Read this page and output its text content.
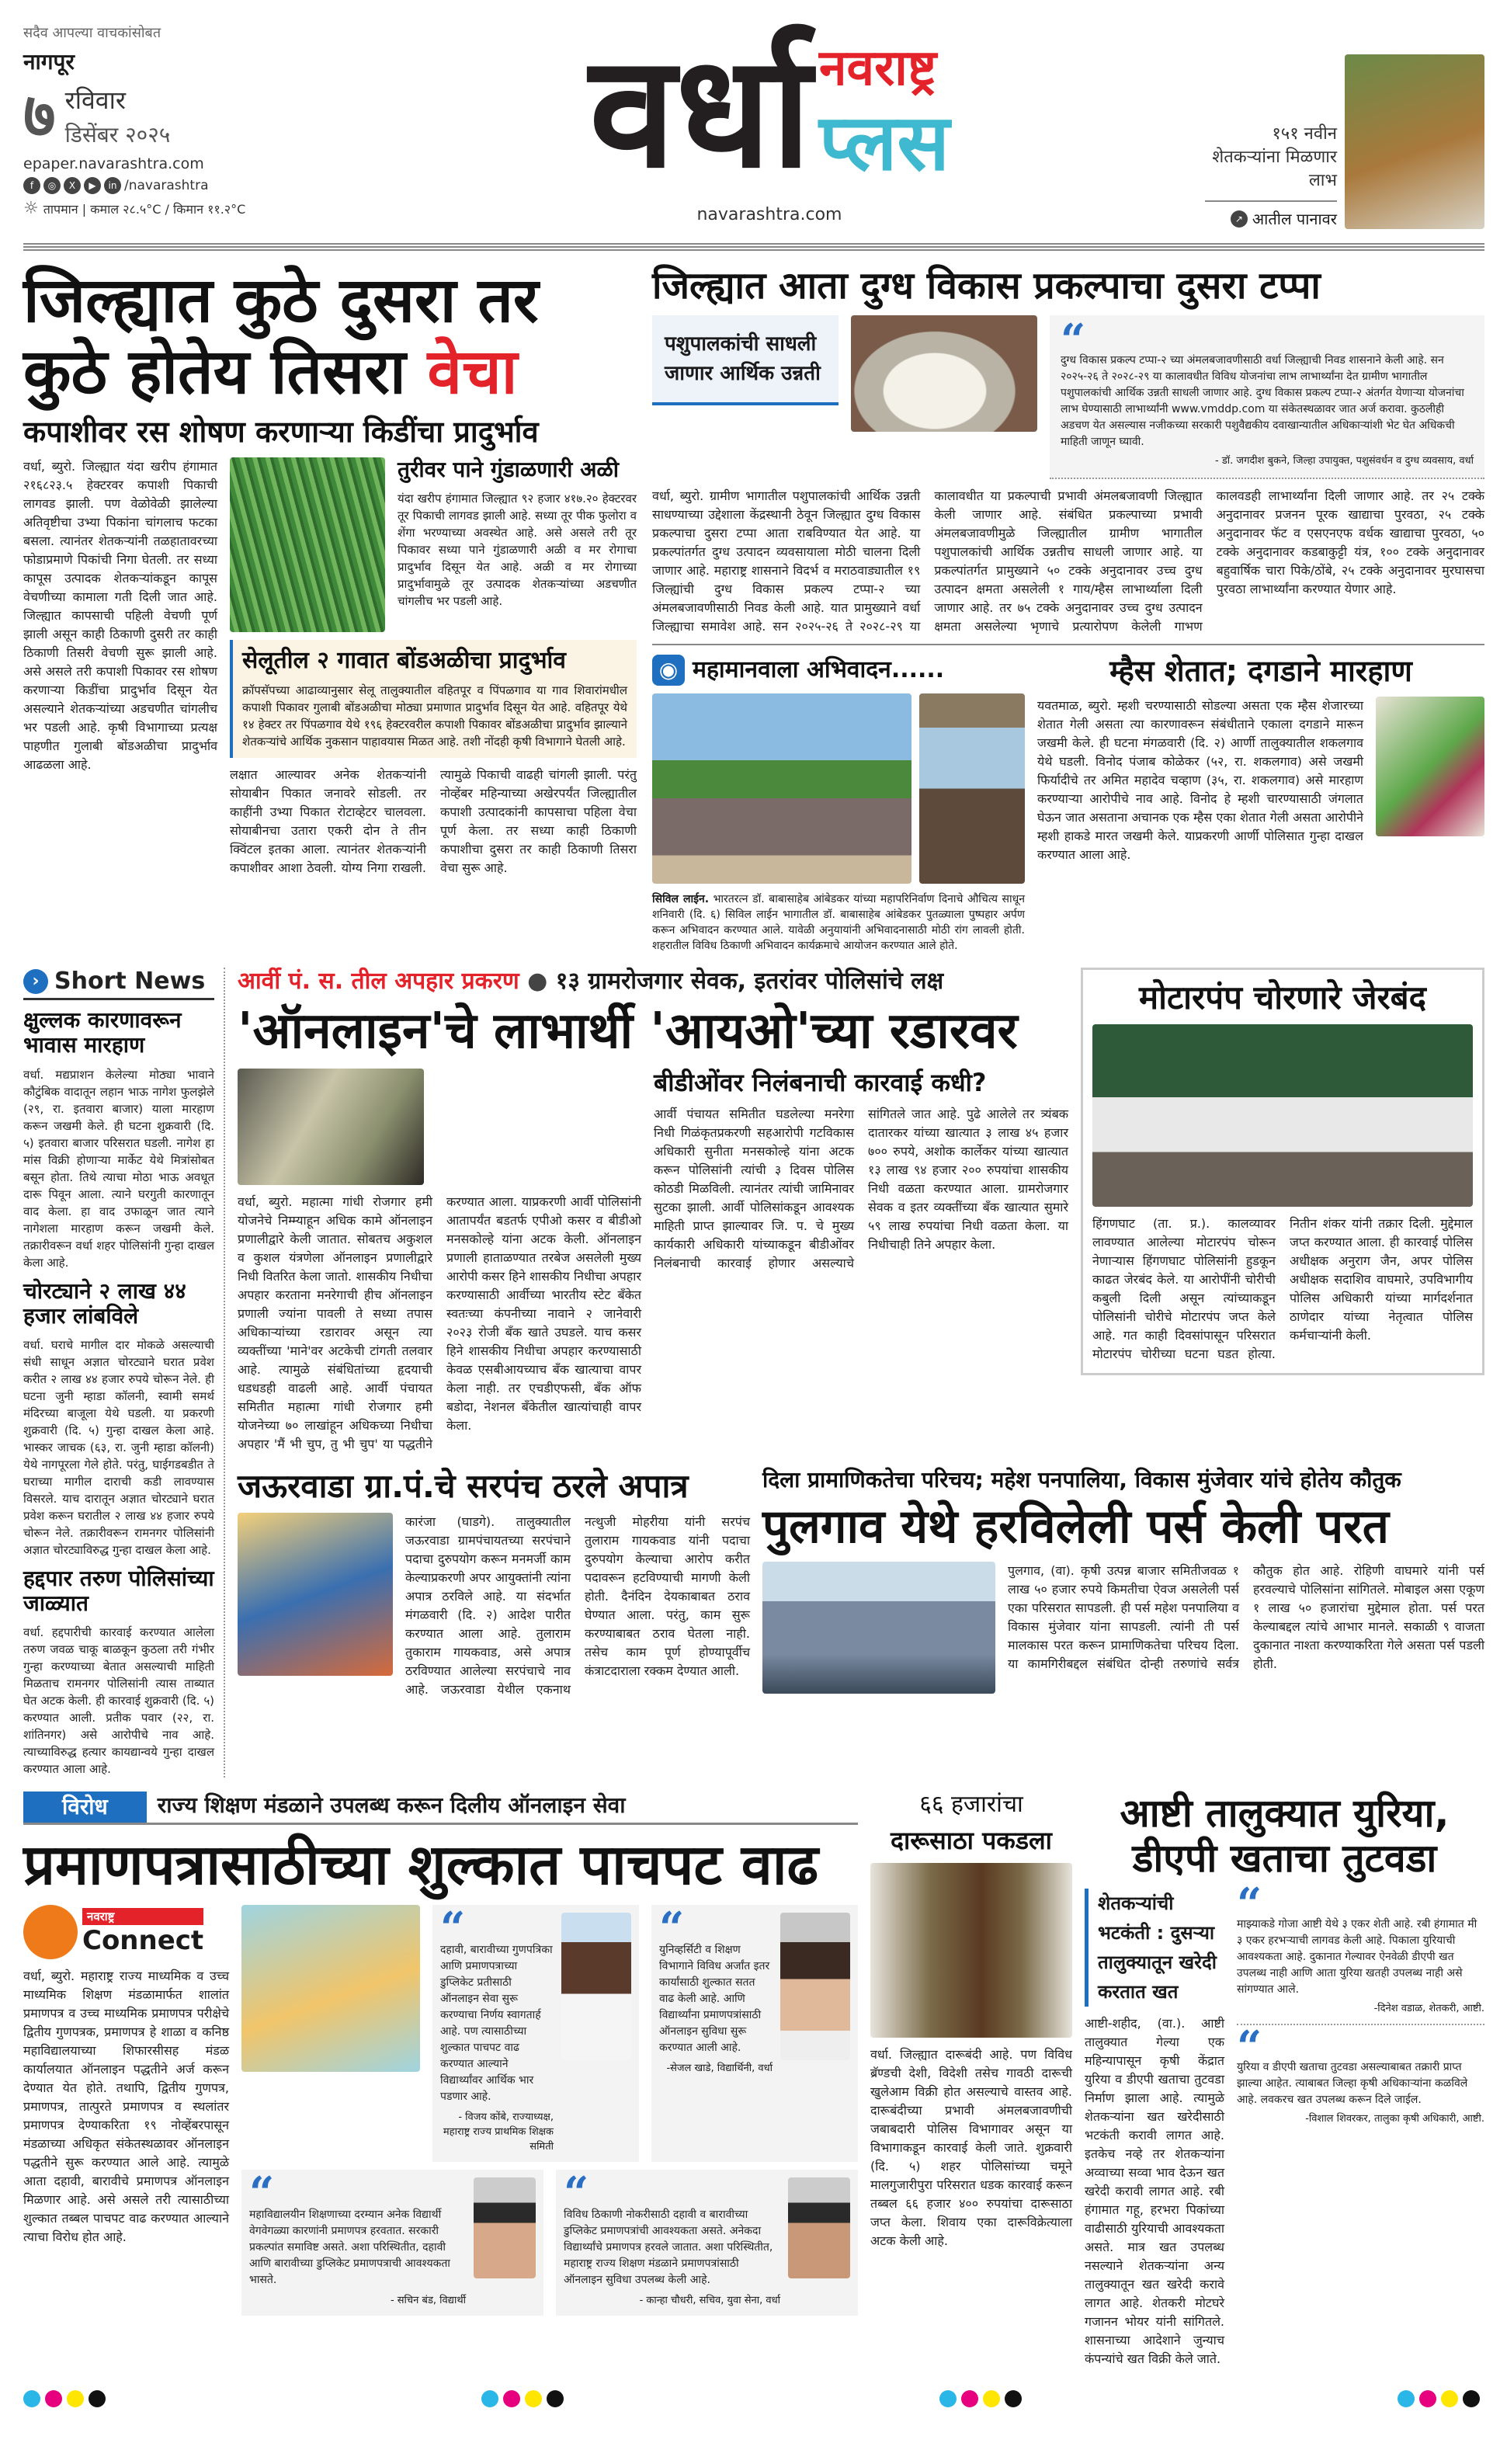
सदैव आपल्या वाचकांसोबत
नागपूर
७ रविवार
डिसेंबर २०२५
epaper.navarashtra.com
f	◎	X	▶	in /navarashtra
☼ तापमान | कमाल २८.५°C / किमान ११.२°C
वर्धा नवराष्ट्र
प्लस
navarashtra.com
१५१ नवीन शेतकऱ्यांना मिळणार लाभ
↗ आतील पानावर
जिल्ह्यात कुठे दुसरा तर
कुठे होतेय तिसरा वेचा
कपाशीवर रस शोषण करणाऱ्या किडींचा प्रादुर्भाव
वर्धा, ब्युरो. जिल्ह्यात यंदा खरीप हंगामात २१६८२३.५ हेक्टरवर कपाशी पिकाची लागवड झाली. पण वेळोवेळी झालेल्या अतिवृष्टीचा उभ्या पिकांना चांगलाच फटका बसला. त्यानंतर शेतकऱ्यांनी तळहातावरच्या फोडाप्रमाणे पिकांची निगा घेतली. तर सध्या कापूस उत्पादक शेतकऱ्यांकडून कापूस वेचणीच्या कामाला गती दिली जात आहे. जिल्ह्यात कापसाची पहिली वेचणी पूर्ण झाली असून काही ठिकाणी दुसरी तर काही ठिकाणी तिसरी वेचणी सुरू झाली आहे. असे असले तरी कपाशी पिकावर रस शोषण करणाऱ्या किडींचा प्रादुर्भाव दिसून येत असल्याने शेतकऱ्यांच्या अडचणीत चांगलीच भर पडली आहे. कृषी विभागाच्या प्रत्यक्ष पाहणीत गुलाबी बोंडअळीचा प्रादुर्भाव आढळला आहे.
तुरीवर पाने गुंडाळणारी अळी
यंदा खरीप हंगामात जिल्ह्यात ९२ हजार ४१७.२० हेक्टरवर तूर पिकाची लागवड झाली आहे. सध्या तूर पीक फुलोरा व शेंगा भरण्याच्या अवस्थेत आहे. असे असले तरी तूर पिकावर सध्या पाने गुंडाळणारी अळी व मर रोगाचा प्रादुर्भाव दिसून येत आहे. अळी व मर रोगाच्या प्रादुर्भावामुळे तूर उत्पादक शेतकऱ्यांच्या अडचणीत चांगलीच भर पडली आहे.
सेलूतील २ गावात बोंडअळीचा प्रादुर्भाव
क्रॉपसॅपच्या आढाव्यानुसार सेलू तालुक्यातील वहितपूर व पिंपळगाव या गाव शिवारांमधील कपाशी पिकावर गुलाबी बोंडअळीचा मोठ्या प्रमाणात प्रादुर्भाव दिसून येत आहे. वहितपूर येथे १४ हेक्टर तर पिंपळगाव येथे १९६ हेक्टरवरील कपाशी पिकावर बोंडअळीचा प्रादुर्भाव झाल्याने शेतकऱ्यांचे आर्थिक नुकसान पाहावयास मिळत आहे. तशी नोंदही कृषी विभागाने घेतली आहे.
लक्षात आल्यावर अनेक शेतकऱ्यांनी सोयाबीन पिकात जनावरे सोडली. तर काहींनी उभ्या पिकात रोटाव्हेटर चालवला. सोयाबीनचा उतारा एकरी दोन ते तीन क्विंटल इतका आला. त्यानंतर शेतकऱ्यांनी कपाशीवर आशा ठेवली. योग्य निगा राखली. त्यामुळे पिकाची वाढही चांगली झाली. परंतु नोव्हेंबर महिन्याच्या अखेरपर्यंत जिल्ह्यातील कपाशी उत्पादकांनी कापसाचा पहिला वेचा पूर्ण केला. तर सध्या काही ठिकाणी कपाशीचा दुसरा तर काही ठिकाणी तिसरा वेचा सुरू आहे.
जिल्ह्यात आता दुग्ध विकास प्रकल्पाचा दुसरा टप्पा
पशुपालकांची साधली जाणार आर्थिक उन्नती
“
दुग्ध विकास प्रकल्प टप्पा-२ च्या अंमलबजावणीसाठी वर्धा जिल्ह्याची निवड शासनाने केली आहे. सन २०२५-२६ ते २०२८-२९ या कालावधीत विविध योजनांचा लाभ लाभार्थ्यांना देत ग्रामीण भागातील पशुपालकांची आर्थिक उन्नती साधली जाणार आहे. दुग्ध विकास प्रकल्प टप्पा-२ अंतर्गत येणाऱ्या योजनांचा लाभ घेण्यासाठी लाभार्थ्यांनी www.vmddp.com या संकेतस्थळावर जात अर्ज करावा. कुठलीही अडचण येत असल्यास नजीकच्या सरकारी पशुवैद्यकीय दवाखान्यातील अधिकाऱ्यांशी भेट घेत अधिकची माहिती जाणून घ्यावी.
- डॉ. जगदीश बुकने, जिल्हा उपायुक्त, पशुसंवर्धन व दुग्ध व्यवसाय, वर्धा
वर्धा, ब्युरो. ग्रामीण भागातील पशुपालकांची आर्थिक उन्नती साधण्याच्या उद्देशाला केंद्रस्थानी ठेवून जिल्ह्यात दुग्ध विकास प्रकल्पाचा दुसरा टप्पा आता राबविण्यात येत आहे. या प्रकल्पांतर्गत दुग्ध उत्पादन व्यवसायाला मोठी चालना दिली जाणार आहे. महाराष्ट्र शासनाने विदर्भ व मराठवाड्यातील १९ जिल्ह्यांची दुग्ध विकास प्रकल्प टप्पा-२ च्या अंमलबजावणीसाठी निवड केली आहे. यात प्रामुख्याने वर्धा जिल्ह्याचा समावेश आहे. सन २०२५-२६ ते २०२८-२९ या कालावधीत या प्रकल्पाची प्रभावी अंमलबजावणी जिल्ह्यात केली जाणार आहे. संबंधित प्रकल्पाच्या प्रभावी अंमलबजावणीमुळे जिल्ह्यातील ग्रामीण भागातील पशुपालकांची आर्थिक उन्नतीच साधली जाणार आहे. या प्रकल्पांतर्गत प्रामुख्याने ५० टक्के अनुदानावर उच्च दुग्ध उत्पादन क्षमता असलेली १ गाय/म्हैस लाभार्थ्याला दिली जाणार आहे. तर ७५ टक्के अनुदानावर उच्च दुग्ध उत्पादन क्षमता असलेल्या भृणाचे प्रत्यारोपण केलेली गाभण कालवडही लाभार्थ्यांना दिली जाणार आहे. तर २५ टक्के अनुदानावर प्रजनन पूरक खाद्याचा पुरवठा, २५ टक्के अनुदानावर फॅट व एसएनएफ वर्धक खाद्याचा पुरवठा, ५० टक्के अनुदानावर कडबाकुट्टी यंत्र, १०० टक्के अनुदानावर बहुवार्षिक चारा पिके/ठोंबे, २५ टक्के अनुदानावर मुरघासचा पुरवठा लाभार्थ्यांना करण्यात येणार आहे.
◉ महामानवाला अभिवादन......
सिविल लाईन. भारतरत्न डॉ. बाबासाहेब आंबेडकर यांच्या महापरिनिर्वाण दिनाचे औचित्य साधून शनिवारी (दि. ६) सिविल लाईन भागातील डॉ. बाबासाहेब आंबेडकर पुतळ्याला पुष्पहार अर्पण करून अभिवादन करण्यात आले. यावेळी अनुयायांनी अभिवादनासाठी मोठी रांग लावली होती. शहरातील विविध ठिकाणी अभिवादन कार्यक्रमाचे आयोजन करण्यात आले होते.
म्हैस शेतात; दगडाने मारहाण
यवतमाळ, ब्युरो. म्हशी चरण्यासाठी सोडल्या असता एक म्हैस शेजारच्या शेतात गेली असता त्या कारणावरून संबंधीताने एकाला दगडाने मारून जखमी केले. ही घटना मंगळवारी (दि. २) आर्णी तालुक्यातील शकलगाव येथे घडली. विनोद पंजाब कोळेकर (५२, रा. शकलगाव) असे जखमी फिर्यादीचे तर अमित महादेव चव्हाण (३५, रा. शकलगाव) असे मारहाण करण्याऱ्या आरोपीचे नाव आहे. विनोद हे म्हशी चारण्यासाठी जंगलात घेऊन जात असताना अचानक एक म्हैस एका शेतात गेली असता आरोपीने म्हशी हाकडे मारत जखमी केले. याप्रकरणी आर्णी पोलिसात गुन्हा दाखल करण्यात आला आहे.
› Short News
क्षुल्लक कारणावरून भावास मारहाण
वर्धा. मद्यप्राशन केलेल्या मोठ्या भावाने कौटुंबिक वादातून लहान भाऊ नागेश फुलझेले (२९, रा. इतवारा बाजार) याला मारहाण करून जखमी केले. ही घटना शुक्रवारी (दि. ५) इतवारा बाजार परिसरात घडली. नागेश हा मांस विक्री होणाऱ्या मार्केट येथे मित्रांसोबत बसून होता. तिथे त्याचा मोठा भाऊ अवधूत दारू पिवून आला. त्याने घरगुती कारणातून वाद केला. हा वाद उफाळून जात त्याने नागेशला मारहाण करून जखमी केले. तक्रारीवरून वर्धा शहर पोलिसांनी गुन्हा दाखल केला आहे.
चोरट्याने २ लाख ४४ हजार लांबविले
वर्धा. घराचे मागील दार मोकळे असल्याची संधी साधून अज्ञात चोरट्याने घरात प्रवेश करीत २ लाख ४४ हजार रुपये चोरून नेले. ही घटना जुनी म्हाडा कॉलनी, स्वामी समर्थ मंदिरच्या बाजूला येथे घडली. या प्रकरणी शुक्रवारी (दि. ५) गुन्हा दाखल केला आहे. भास्कर जाचक (६३, रा. जुनी म्हाडा कॉलनी) येथे नागपूरला गेले होते. परंतु, घाईगडबडीत ते घराच्या मागील दाराची कडी लावण्यास विसरले. याच दारातून अज्ञात चोरट्याने घरात प्रवेश करून घरातील २ लाख ४४ हजार रुपये चोरून नेले. तक्रारीवरून रामनगर पोलिसांनी अज्ञात चोरट्याविरुद्ध गुन्हा दाखल केला आहे.
हद्दपार तरुण पोलिसांच्या जाळ्यात
वर्धा. हद्दपारीची कारवाई करण्यात आलेला तरुण जवळ चाकू बाळकून कुठला तरी गंभीर गुन्हा करण्याच्या बेतात असल्याची माहिती मिळताच रामनगर पोलिसांनी त्यास ताब्यात घेत अटक केली. ही कारवाई शुक्रवारी (दि. ५) करण्यात आली. प्रतीक पवार (२२, रा. शांतिनगर) असे आरोपीचे नाव आहे. त्याच्याविरुद्ध हत्यार कायद्यान्वये गुन्हा दाखल करण्यात आला आहे.
आर्वी पं. स. तील अपहार प्रकरण ● १३ ग्रामरोजगार सेवक, इतरांवर पोलिसांचे लक्ष
'ऑनलाइन'चे लाभार्थी 'आयओ'च्या रडारवर
वर्धा, ब्युरो. महात्मा गांधी रोजगार हमी योजनेचे निम्म्याहून अधिक कामे ऑनलाइन प्रणालीद्वारे केली जातात. सोबतच अकुशल व कुशल यंत्रणेला ऑनलाइन प्रणालीद्वारे निधी वितरित केला जातो. शासकीय निधीचा अपहार करताना मनरेगाची हीच ऑनलाइन प्रणाली ज्यांना पावली ते सध्या तपास अधिकाऱ्यांच्या रडारावर असून त्या व्यक्तींच्या 'माने'वर अटकेची टांगती तलवार आहे. त्यामुळे संबंधितांच्या हृदयाची धडधडही वाढली आहे. आर्वी पंचायत समितीत महात्मा गांधी रोजगार हमी योजनेच्या ७० लाखांहून अधिकच्या निधीचा अपहार 'मैं भी चुप, तु भी चुप' या पद्धतीने करण्यात आला. याप्रकरणी आर्वी पोलिसांनी आतापर्यंत बडतर्फ एपीओ कसर व बीडीओ मनसकोल्हे यांना अटक केली. ऑनलाइन प्रणाली हाताळण्यात तरबेज असलेली मुख्य आरोपी कसर हिने शासकीय निधीचा अपहार करण्यासाठी आर्वीच्या भारतीय स्टेट बँकेत स्वतःच्या कंपनीच्या नावाने २ जानेवारी २०२३ रोजी बँक खाते उघडले. याच कसर हिने शासकीय निधीचा अपहार करण्यासाठी केवळ एसबीआयच्याच बँक खात्याचा वापर केला नाही. तर एचडीएफसी, बँक ऑफ बडोदा, नेशनल बँकेतील खात्यांचाही वापर केला.
बीडीओंवर निलंबनाची कारवाई कधी?
आर्वी पंचायत समितीत घडलेल्या मनरेगा निधी गिळंकृतप्रकरणी सहआरोपी गटविकास अधिकारी सुनीता मनसकोल्हे यांना अटक करून पोलिसांनी त्यांची ३ दिवस पोलिस कोठडी मिळविली. त्यानंतर त्यांची जामिनावर सुटका झाली. आर्वी पोलिसांकडून आवश्यक माहिती प्राप्त झाल्यावर जि. प. चे मुख्य कार्यकारी अधिकारी यांच्याकडून बीडीओंवर निलंबनाची कारवाई होणार असल्याचे सांगितले जात आहे. पुढे आलेले तर त्र्यंबक दातारकर यांच्या खात्यात ३ लाख ४५ हजार ७०० रुपये, अशोक कार्लेकर यांच्या खात्यात १३ लाख ९४ हजार २०० रुपयांचा शासकीय निधी वळता करण्यात आला. ग्रामरोजगार सेवक व इतर व्यक्तींच्या बँक खात्यात सुमारे ५९ लाख रुपयांचा निधी वळता केला. या निधीचाही तिने अपहार केला.
मोटारपंप चोरणारे जेरबंद
हिंगणघाट (ता. प्र.). कालव्यावर लावण्यात आलेल्या मोटारपंप चोरून नेणाऱ्यास हिंगणघाट पोलिसांनी हुडकून काढत जेरबंद केले. या आरोपींनी चोरीची कबुली दिली असून त्यांच्याकडून पोलिसांनी चोरीचे मोटारपंप जप्त केले आहे. गत काही दिवसांपासून परिसरात मोटारपंप चोरीच्या घटना घडत होत्या. नितीन शंकर यांनी तक्रार दिली. मुद्देमाल जप्त करण्यात आला. ही कारवाई पोलिस अधीक्षक अनुराग जैन, अपर पोलिस अधीक्षक सदाशिव वाघमारे, उपविभागीय पोलिस अधिकारी यांच्या मार्गदर्शनात ठाणेदार यांच्या नेतृत्वात पोलिस कर्मचाऱ्यांनी केली.
जऊरवाडा ग्रा.पं.चे सरपंच ठरले अपात्र
कारंजा (घाडगे). तालुक्यातील जऊरवाडा ग्रामपंचायतच्या सरपंचाने पदाचा दुरुपयोग करून मनमर्जी काम केल्याप्रकरणी अपर आयुक्तांनी त्यांना अपात्र ठरविले आहे. या संदर्भात मंगळवारी (दि. २) आदेश पारीत करण्यात आला आहे. तुलाराम तुकाराम गायकवाड, असे अपात्र ठरविण्यात आलेल्या सरपंचाचे नाव आहे. जऊरवाडा येथील एकनाथ नत्थुजी मोहरीया यांनी सरपंच तुलाराम गायकवाड यांनी पदाचा दुरुपयोग केल्याचा आरोप करीत पदावरून हटविण्याची मागणी केली होती. दैनंदिन देयकाबाबत ठराव घेण्यात आला. परंतु, काम सुरू करण्याबाबत ठराव घेतला नाही. तसेच काम पूर्ण होण्यापूर्वीच कंत्राटदाराला रक्कम देण्यात आली.
दिला प्रामाणिकतेचा परिचय; महेश पनपालिया, विकास मुंजेवार यांचे होतेय कौतुक
पुलगाव येथे हरविलेली पर्स केली परत
पुलगाव, (वा). कृषी उत्पन्न बाजार समितीजवळ १ लाख ५० हजार रुपये किमतीचा ऐवज असलेली पर्स एका परिसरात सापडली. ही पर्स महेश पनपालिया व विकास मुंजेवार यांना सापडली. त्यांनी ती पर्स मालकास परत करून प्रामाणिकतेचा परिचय दिला. या कामगिरीबद्दल संबंधित दोन्ही तरुणांचे सर्वत्र कौतुक होत आहे. रोहिणी वाघमारे यांनी पर्स हरवल्याचे पोलिसांना सांगितले. मोबाइल असा एकूण १ लाख ५० हजारांचा मुद्देमाल होता. पर्स परत केल्याबद्दल त्यांचे आभार मानले. सकाळी ९ वाजता दुकानात नाश्ता करण्याकरिता गेले असता पर्स पडली होती.
विरोध	राज्य शिक्षण मंडळाने उपलब्ध करून दिलीय ऑनलाइन सेवा
प्रमाणपत्रासाठीच्या शुल्कात पाचपट वाढ
नवराष्ट्र
Connect
वर्धा, ब्युरो. महाराष्ट्र राज्य माध्यमिक व उच्च माध्यमिक शिक्षण मंडळामार्फत शालांत प्रमाणपत्र व उच्च माध्यमिक प्रमाणपत्र परीक्षेचे द्वितीय गुणपत्रक, प्रमाणपत्र हे शाळा व कनिष्ठ महाविद्यालयाच्या शिफारसीसह मंडळ कार्यालयात ऑनलाइन पद्धतीने अर्ज करून देण्यात येत होते. तथापि, द्वितीय गुणपत्र, प्रमाणपत्र, तात्पुरते प्रमाणपत्र व स्थलांतर प्रमाणपत्र देण्याकरिता १९ नोव्हेंबरपासून मंडळाच्या अधिकृत संकेतस्थळावर ऑनलाइन पद्धतीने सुरू करण्यात आले आहे. त्यामुळे आता दहावी, बारावीचे प्रमाणपत्र ऑनलाइन मिळणार आहे. असे असले तरी त्यासाठीच्या शुल्कात तब्बल पाचपट वाढ करण्यात आल्याने त्याचा विरोध होत आहे.
“
दहावी, बारावीच्या गुणपत्रिका आणि प्रमाणपत्राच्या डुप्लिकेट प्रतीसाठी ऑनलाइन सेवा सुरू करण्याचा निर्णय स्वागतार्ह आहे. पण त्यासाठीच्या शुल्कात पाचपट वाढ करण्यात आल्याने विद्यार्थ्यांवर आर्थिक भार पडणार आहे.
- विजय कोंबे, राज्याध्यक्ष, महाराष्ट्र राज्य प्राथमिक शिक्षक समिती
“
युनिव्हर्सिटी व शिक्षण विभागाने विविध अर्जांत इतर कार्यांसाठी शुल्कात सतत वाढ केली आहे. आणि विद्यार्थ्यांना प्रमाणपत्रांसाठी ऑनलाइन सुविधा सुरू करण्यात आली आहे.
-सेजल खाडे, विद्यार्थिनी, वर्धा
“
महाविद्यालयीन शिक्षणाच्या दरम्यान अनेक विद्यार्थी वेगवेगळ्या कारणांनी प्रमाणपत्र हरवतात. सरकारी प्रकल्पांत समाविष्ट असते. अशा परिस्थितीत, दहावी आणि बारावीच्या डुप्लिकेट प्रमाणपत्राची आवश्यकता भासते.
- सचिन बंड, विद्यार्थी
“
विविध ठिकाणी नोकरीसाठी दहावी व बारावीच्या डुप्लिकेट प्रमाणपत्रांची आवश्यकता असते. अनेकदा विद्यार्थ्यांचे प्रमाणपत्र हरवले जातात. अशा परिस्थितीत, महाराष्ट्र राज्य शिक्षण मंडळाने प्रमाणपत्रांसाठी ऑनलाइन सुविधा उपलब्ध केली आहे.
- कान्हा चौधरी, सचिव, युवा सेना, वर्धा
६६ हजारांचा
दारूसाठा पकडला
वर्धा. जिल्ह्यात दारूबंदी आहे. पण विविध ब्रॅण्डची देशी, विदेशी तसेच गावठी दारूची खुलेआम विक्री होत असल्याचे वास्तव आहे. दारूबंदीच्या प्रभावी अंमलबजावणीची जबाबदारी पोलिस विभागावर असून या विभागाकडून कारवाई केली जाते. शुक्रवारी (दि. ५) शहर पोलिसांच्या चमूने मालगुजारीपुरा परिसरात धडक कारवाई करून तब्बल ६६ हजार ४०० रुपयांचा दारूसाठा जप्त केला. शिवाय एका दारूविक्रेत्याला अटक केली आहे.
आष्टी तालुक्यात युरिया,
डीएपी खताचा तुटवडा
शेतकऱ्यांची भटकंती : दुसऱ्या तालुक्यातून खरेदी करतात खत
आष्टी-शहीद, (वा.). आष्टी तालुक्यात गेल्या एक महिन्यापासून कृषी केंद्रात युरिया व डीएपी खताचा तुटवडा निर्माण झाला आहे. त्यामुळे शेतकऱ्यांना खत खरेदीसाठी भटकंती करावी लागत आहे. इतकेच नव्हे तर शेतकऱ्यांना अव्वाच्या सव्वा भाव देऊन खत खरेदी करावी लागत आहे. रबी हंगामात गहू, हरभरा पिकांच्या वाढीसाठी युरियाची आवश्यकता असते. मात्र खत उपलब्ध नसल्याने शेतकऱ्यांना अन्य तालुक्यातून खत खरेदी करावे लागत आहे. शेतकरी मोटघरे गजानन भोयर यांनी सांगितले. शासनाच्या आदेशाने जुन्याच कंपन्यांचे खत विक्री केले जाते.
“
माझ्याकडे गोजा आष्टी येथे ३ एकर शेती आहे. रबी हंगामात मी ३ एकर हरभऱ्याची लागवड केली आहे. पिकाला युरियाची आवश्यकता आहे. दुकानात गेल्यावर ऐनवेळी डीएपी खत उपलब्ध नाही आणि आता युरिया खतही उपलब्ध नाही असे सांगण्यात आले.
-दिनेश वडाळ, शेतकरी, आष्टी.
“
युरिया व डीएपी खताचा तुटवडा असल्याबाबत तक्रारी प्राप्त झाल्या आहेत. त्याबाबत जिल्हा कृषी अधिकाऱ्यांना कळविले आहे. लवकरच खत उपलब्ध करून दिले जाईल.
-विशाल शिवरकर, तालुका कृषी अधिकारी, आष्टी.
